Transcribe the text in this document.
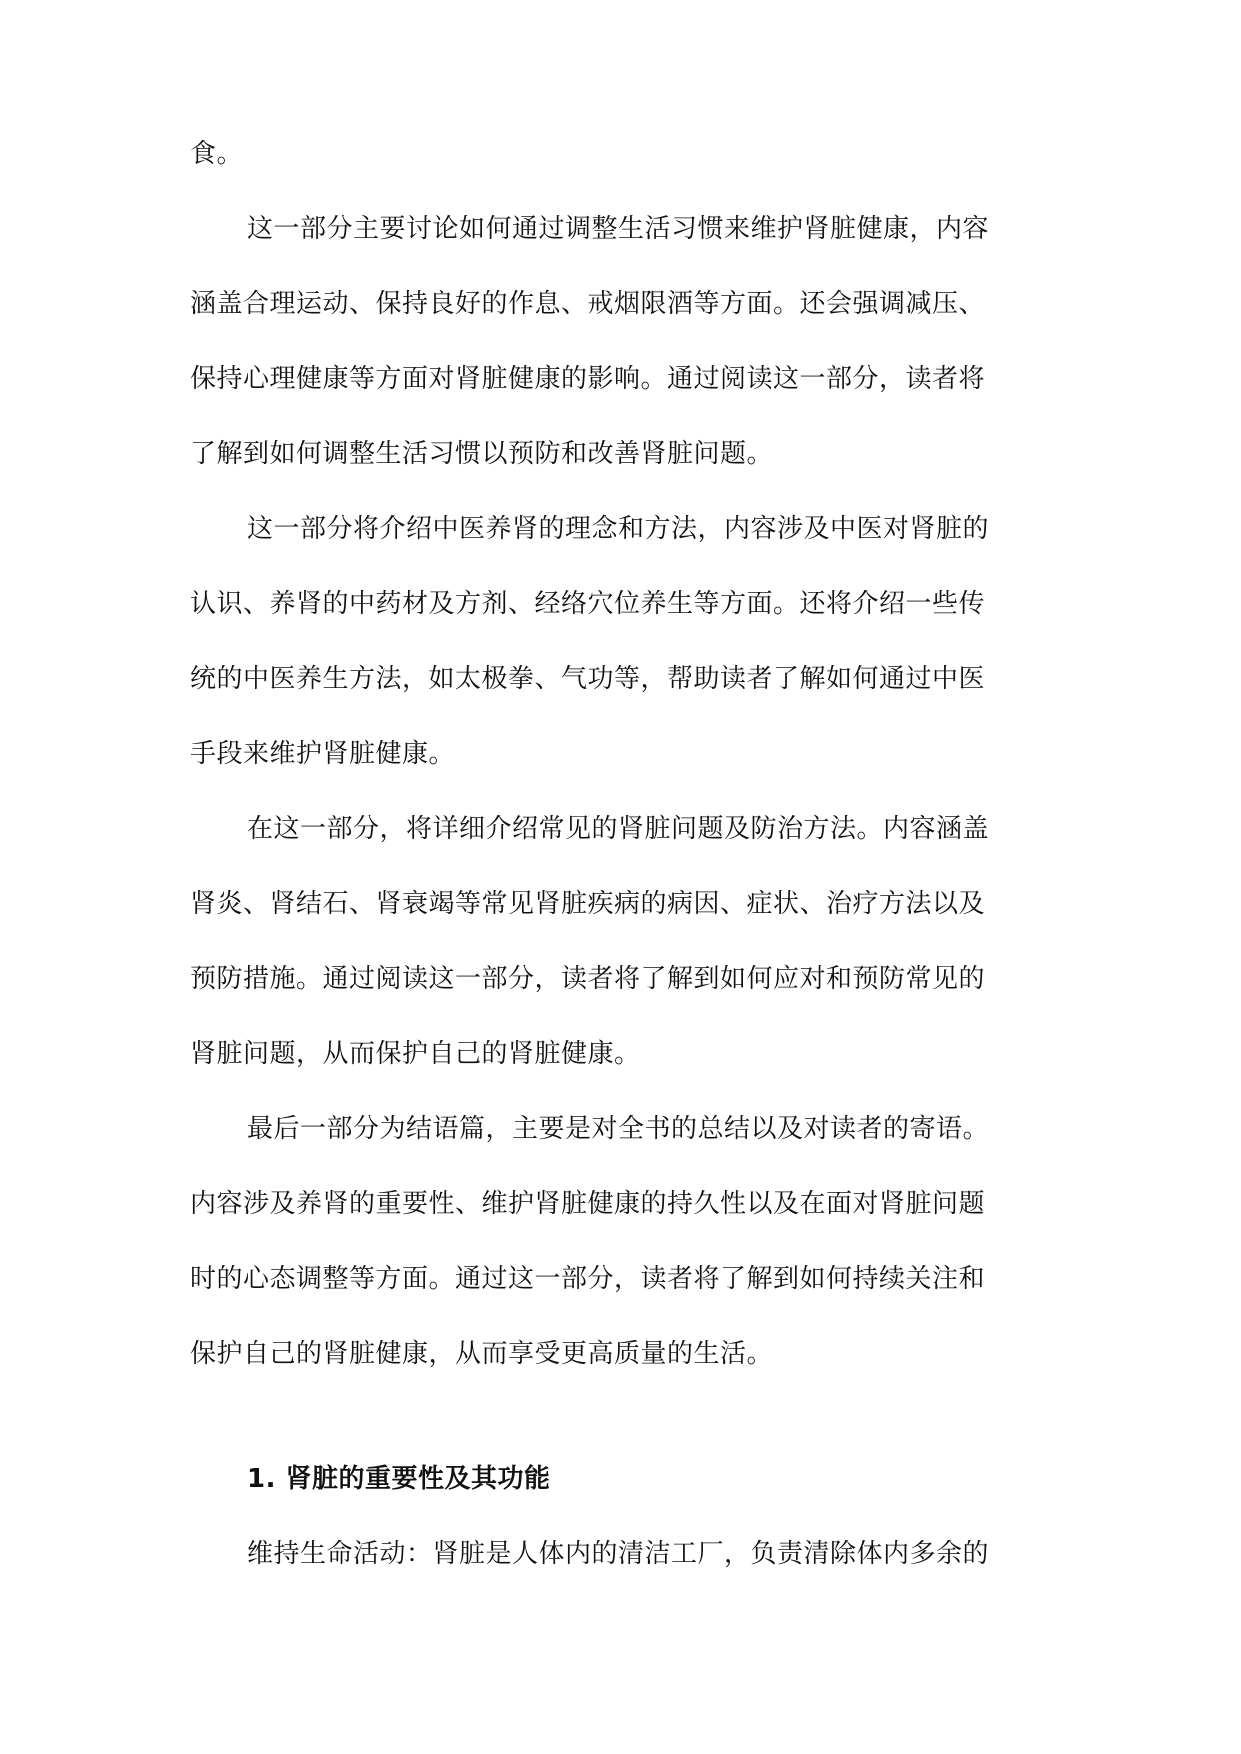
食。
这一部分主要讨论如何通过调整生活习惯来维护肾脏健康，内容
涵盖合理运动、保持良好的作息、戒烟限酒等方面。还会强调减压、
保持心理健康等方面对肾脏健康的影响。通过阅读这一部分，读者将
了解到如何调整生活习惯以预防和改善肾脏问题。
这一部分将介绍中医养肾的理念和方法，内容涉及中医对肾脏的
认识、养肾的中药材及方剂、经络穴位养生等方面。还将介绍一些传
统的中医养生方法，如太极拳、气功等，帮助读者了解如何通过中医
手段来维护肾脏健康。
在这一部分，将详细介绍常见的肾脏问题及防治方法。内容涵盖
肾炎、肾结石、肾衰竭等常见肾脏疾病的病因、症状、治疗方法以及
预防措施。通过阅读这一部分，读者将了解到如何应对和预防常见的
肾脏问题，从而保护自己的肾脏健康。
最后一部分为结语篇，主要是对全书的总结以及对读者的寄语。
内容涉及养肾的重要性、维护肾脏健康的持久性以及在面对肾脏问题
时的心态调整等方面。通过这一部分，读者将了解到如何持续关注和
保护自己的肾脏健康，从而享受更高质量的生活。
1. 肾脏的重要性及其功能
维持生命活动：肾脏是人体内的清洁工厂，负责清除体内多余的
